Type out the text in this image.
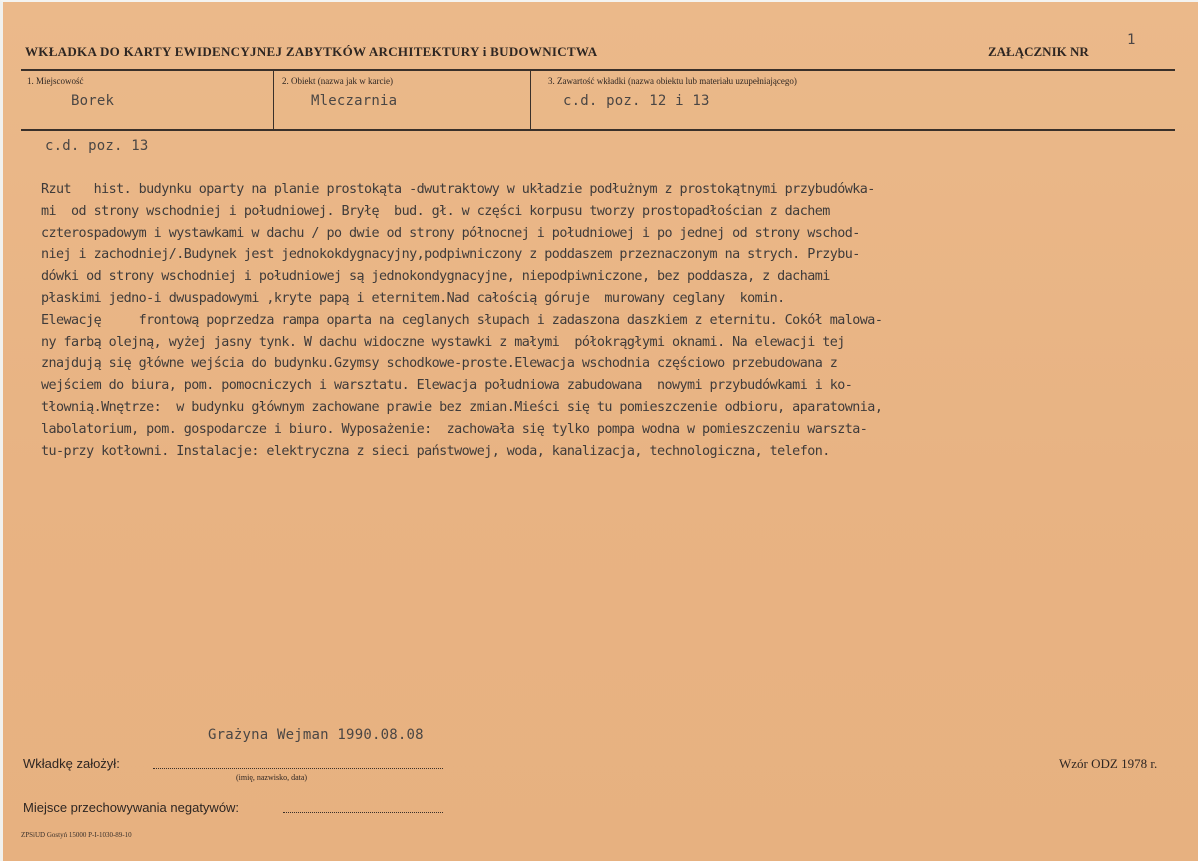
WKŁADKA DO KARTY EWIDENCYJNEJ ZABYTKÓW ARCHITEKTURY i BUDOWNICTWA	ZAŁĄCZNIK NR
1
1. Miejscowość
Borek
2. Obiekt (nazwa jak w karcie)
Mleczarnia
3. Zawartość wkładki (nazwa obiektu lub materiału uzupełniającego)
c.d. poz. 12 i 13
c.d. poz. 13
Rzut   hist. budynku oparty na planie prostokąta -dwutraktowy w układzie podłużnym z prostokątnymi przybudówka-
mi  od strony wschodniej i południowej. Bryłę  bud. gł. w części korpusu tworzy prostopadłościan z dachem
czterospadowym i wystawkami w dachu / po dwie od strony północnej i południowej i po jednej od strony wschod-
niej i zachodniej/.Budynek jest jednokokdygnacyjny,podpiwniczony z poddaszem przeznaczonym na strych. Przybu-
dówki od strony wschodniej i południowej są jednokondygnacyjne, niepodpiwniczone, bez poddasza, z dachami
płaskimi jedno-i dwuspadowymi ,kryte papą i eternitem.Nad całością góruje  murowany ceglany  komin.
Elewację     frontową poprzedza rampa oparta na ceglanych słupach i zadaszona daszkiem z eternitu. Cokół malowa-
ny farbą olejną, wyżej jasny tynk. W dachu widoczne wystawki z małymi  półokrągłymi oknami. Na elewacji tej
znajdują się główne wejścia do budynku.Gzymsy schodkowe-proste.Elewacja wschodnia częściowo przebudowana z
wejściem do biura, pom. pomocniczych i warsztatu. Elewacja południowa zabudowana  nowymi przybudówkami i ko-
tłownią.Wnętrze:  w budynku głównym zachowane prawie bez zmian.Mieści się tu pomieszczenie odbioru, aparatownia,
labolatorium, pom. gospodarcze i biuro. Wyposażenie:  zachowała się tylko pompa wodna w pomieszczeniu warszta-
tu-przy kotłowni. Instalacje: elektryczna z sieci państwowej, woda, kanalizacja, technologiczna, telefon.
Grażyna Wejman 1990.08.08
Wkładkę założył:
(imię, nazwisko, data)
Wzór ODZ 1978 r.
Miejsce przechowywania negatywów:
ZPSiUD Gostyń 15000 P-I-1030-89-10
